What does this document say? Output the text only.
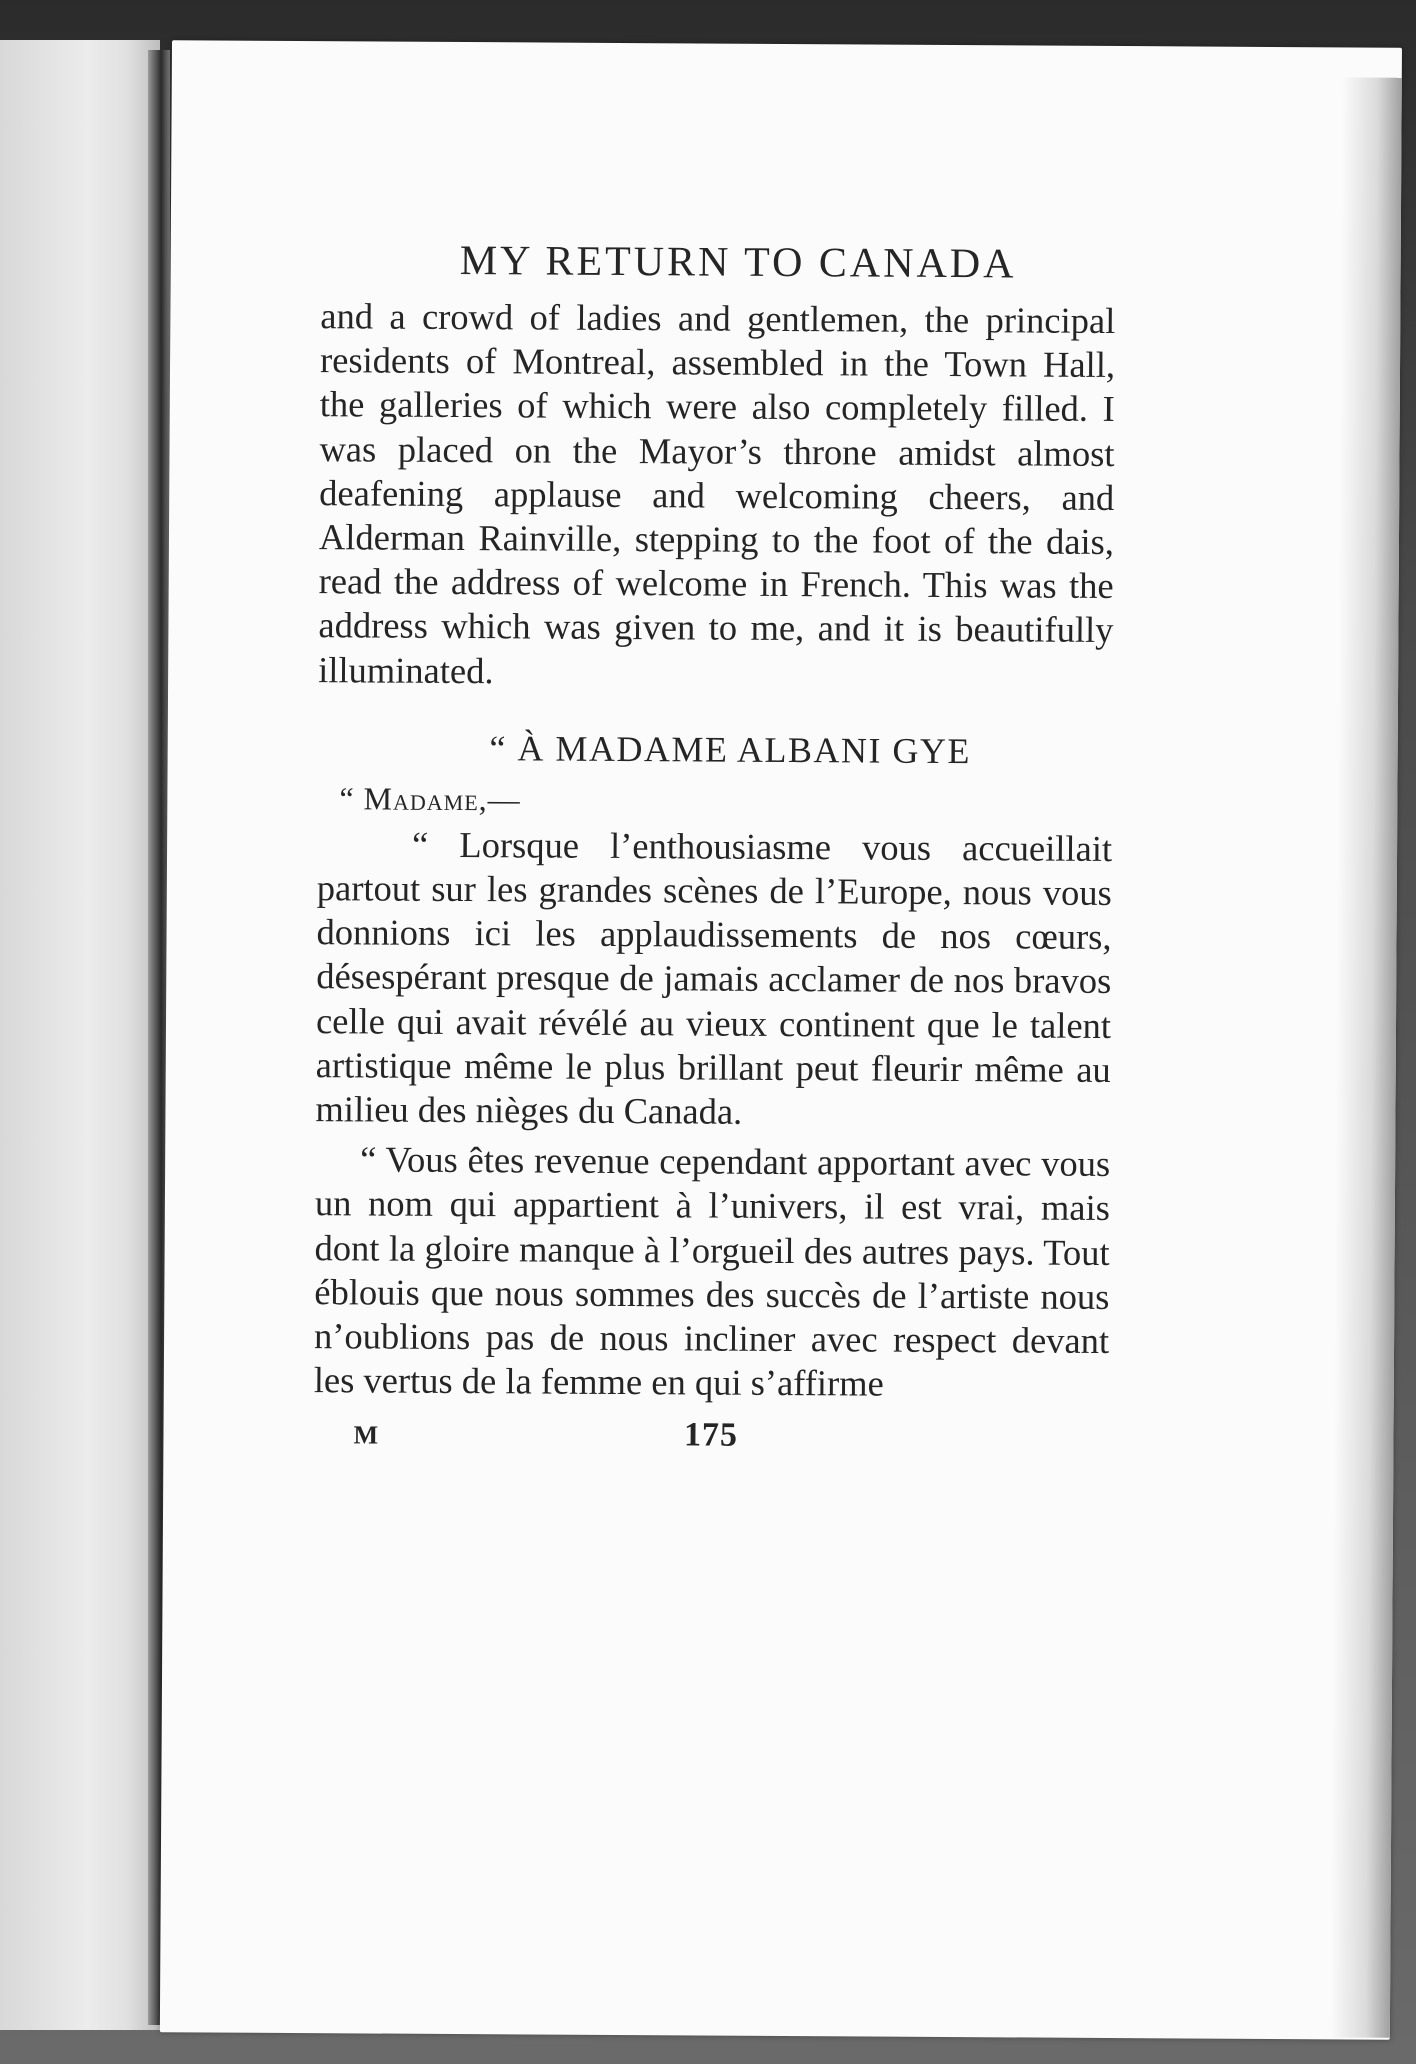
MY RETURN TO CANADA

and a crowd of ladies and gentlemen, the principal residents of Montreal, assembled in the Town Hall, the galleries of which were also completely filled. I was placed on the Mayor’s throne amidst almost deafening applause and welcoming cheers, and Alderman Rainville, stepping to the foot of the dais, read the address of welcome in French. This was the address which was given to me, and it is beautifully illuminated.

“ À MADAME ALBANI GYE
“ Madame,—

“ Lorsque l’enthousiasme vous accueillait partout sur les grandes scènes de l’Europe, nous vous donnions ici les applaudissements de nos cœurs, désespérant presque de jamais acclamer de nos bravos celle qui avait révélé au vieux continent que le talent artistique même le plus brillant peut fleurir même au milieu des nièges du Canada.

“ Vous êtes revenue cependant apportant avec vous un nom qui appartient à l’univers, il est vrai, mais dont la gloire manque à l’orgueil des autres pays. Tout éblouis que nous sommes des succès de l’artiste nous n’oublions pas de nous incliner avec respect devant les vertus de la femme en qui s’affirme

M	175
